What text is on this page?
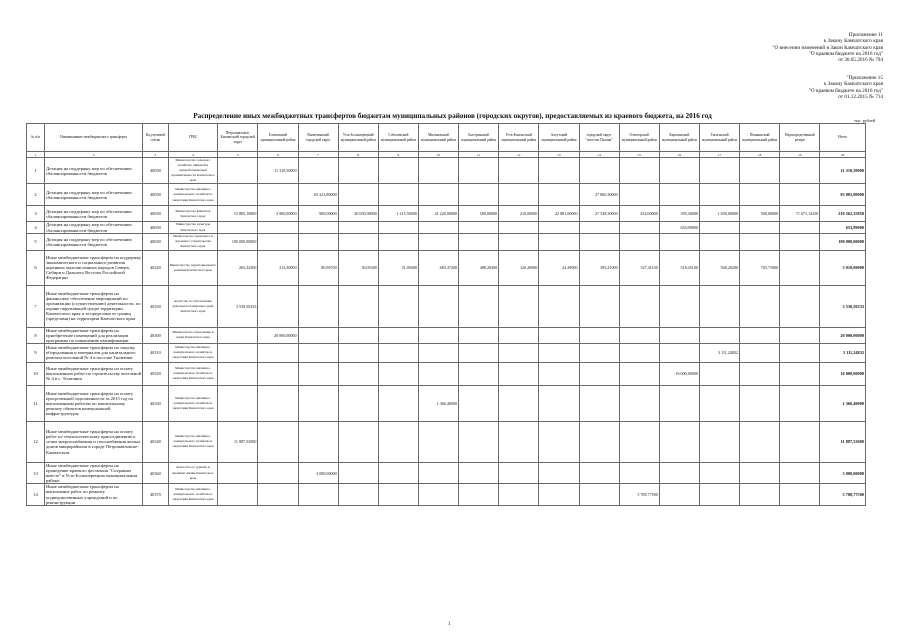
Приложение 11
к Закону Камчатского края
"О внесении изменений в Закон Камчатского края
"О краевом бюджете на 2016 год"
от 30.05.2016 № 794
"Приложение 15
к Закону Камчатского края
"О краевом бюджете на 2016 год"
от 01.12.2015 № 714
Распределение иных межбюджетных трансфертов бюджетам муниципальных районов (городских округов), предоставляемых из краевого бюджета, на 2016 год
тыс. рублей
№ п/п	Наименование межбюджетного трансферта	Код целевой статьи	ГРБС	Петропавловск-Камчатский городской округ	Елизовский муниципальный район	Вилючинский городской округ	Усть-Большерецкий муниципальный район	Соболевский муниципальный район	Мильковский муниципальный район	Быстринский муниципальный район	Усть-Камчатский муниципальный район	Алеутский муниципальный район	городской округ "поселок Палана"	Олюторский муниципальный район	Карагинский муниципальный район	Тигильский муниципальный район	Пенжинский муниципальный район	Нераспределённый резерв	Итого
1	2	3	4	5	6	7	8	9	10	11	12	13	14	15	16	17	18	19	20
1	Дотация на поддержку мер по обеспечению сбалансированности бюджетов	40030	Министерство сельского хозяйства, пищевой и перерабатывающей промышленности Камчатского края		11 310,50000														11 310,50000
2	Дотация на поддержку мер по обеспечению сбалансированности бюджетов	40030	Министерство жилищно-коммунального хозяйства и энергетики Камчатского края			65 223,80000							27 860,30000						93 083,80000
3	Дотация на поддержку мер по обеспечению сбалансированности бюджетов	40030	Министерство финансов Камчатского края	15 885,10000	3 900,00000	900,00000	20 650,00000	1 215,50000	41 220,00000	500,00000	210,00000	22 881,00000	27 548,30000	454,00000	395,30000	1 650,00000	500,00000	71 671,14250	210 262,35850
4	Дотация на поддержку мер по обеспечению сбалансированности бюджетов	40030	Министерство культуры Камчатского края												653,99000				653,99000
5	Дотация на поддержку мер по обеспечению сбалансированности бюджетов	40030	Министерство транспорта и дорожного строительства Камчатского края	100 000,00000															100 000,00000
6	Иные межбюджетные трансферты на поддержку экономического и социального развития коренных малочисленных народов Севера, Сибири и Дальнего Востока Российской Федерации	40220	Министерство территориального развития Камчатского края	265,32500	213,30000	80,96700	30,05300	31,09400	683,37200	488,28300	120,26900	24,29000	395,21000	527,41100	518,45100	926,20200	703,71000		5 010,00000
7	Иные межбюджетные трансферты на финансовое обеспечение мероприятий по организации (осуществлению) деятельности, по охране окружающей среды территории Камчатского края и за пределами ее границ (пределами) на территории Камчатского края	40250	Агентство по обеспечению деятельности мировых судей Камчатского края	3 530,50333															3 530,50333
8	Иные межбюджетные трансферты на приобретение помещений для реализации программы по повышению квалификации	40300	Министерство образования и науки Камчатского края		20 000,00000														20 000,00000
9	Иные межбюджетные трансферты на закупку оборудования и материалов для капитального ремонта котельной № 4 в поселке Тиличики	40310	Министерство жилищно-коммунального хозяйства и энергетики Камчатского края													3 111,24832			3 111,24832
10	Иные межбюджетные трансферты на оплату выполненных работ по строительству котельной № 4 в с. Тиличики	40320	Министерство жилищно-коммунального хозяйства и энергетики Камчатского края												16 000,00000				16 000,00000
11	Иные межбюджетные трансферты на оплату просроченной задолженности за 2015 год по выполненным работам по капитальному ремонту объектов коммунальной инфраструктуры	40330	Министерство жилищно-коммунального хозяйства и энергетики Камчатского края						1 366,40000										1 366,40000
12	Иные межбюджетные трансферты на оплату работ по технологическому присоединению к сетям энергоснабжения и газоснабжения жилых домов микрорайонов в городе Петропавловске-Камчатском	40340	Министерство жилищно-коммунального хозяйства и энергетики Камчатского края	11 887,53000															11 887,53000
13	Иные межбюджетные трансферты на проведение краевого фестиваля "Сохраним вместе" в Усть-Большерецком муниципальном районе	40360	Агентство по туризму и внешним связям Камчатского края			3 000,00000													3 000,00000
14	Иные межбюджетные трансферты на выполнение работ по ремонту подведомственных учреждений и по реконструкции	40370	Министерство жилищно-коммунального хозяйства и энергетики Камчатского края											5 708,77500					5 708,77500
1
